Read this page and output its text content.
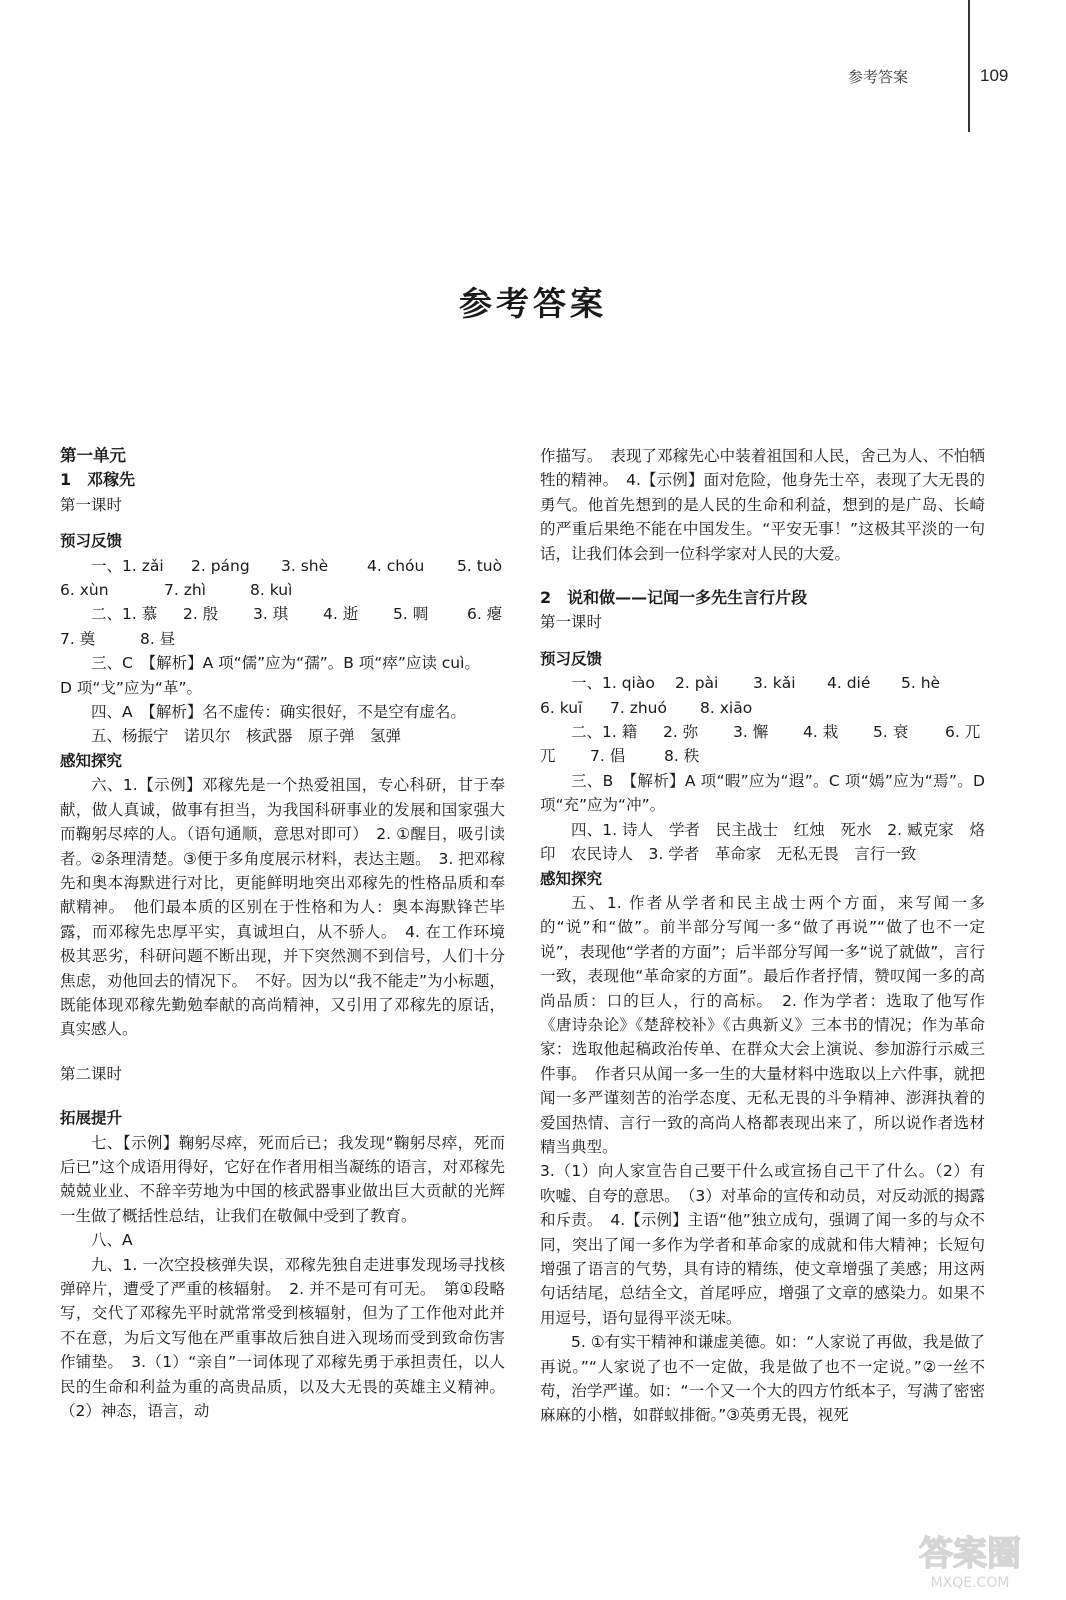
参考答案	109
参考答案

第一单元

1　邓稼先

第一课时

预习反馈

一、1. zǎi	2. páng	3. shè	4. chóu	5. tuò
6. xùn	7. zhì	8. kuì
二、1. 慕	2. 殷	3. 琪	4. 逝	5. 啁	6. 瘪
7. 奠	8. 昼

三、C　【解析】A 项“儒”应为“孺”。B 项“瘁”应读 cuì。

D 项“戈”应为“革”。

四、A　【解析】名不虚传：确实很好，不是空有虚名。

五、杨振宁　诺贝尔　核武器　原子弹　氢弹

感知探究

六、1.【示例】邓稼先是一个热爱祖国，专心科研，甘于奉献，做人真诚，做事有担当，为我国科研事业的发展和国家强大而鞠躬尽瘁的人。（语句通顺，意思对即可）　2. ①醒目，吸引读者。②条理清楚。③便于多角度展示材料，表达主题。　3. 把邓稼先和奥本海默进行对比，更能鲜明地突出邓稼先的性格品质和奉献精神。　他们最本质的区别在于性格和为人：奥本海默锋芒毕露，而邓稼先忠厚平实，真诚坦白，从不骄人。　4. 在工作环境极其恶劣，科研问题不断出现，并下突然测不到信号，人们十分焦虑，劝他回去的情况下。　不好。因为以“我不能走”为小标题，既能体现邓稼先勤勉奉献的高尚精神，又引用了邓稼先的原话，真实感人。

第二课时

拓展提升

七、【示例】鞠躬尽瘁，死而后已；我发现“鞠躬尽瘁，死而后已”这个成语用得好，它好在作者用相当凝练的语言，对邓稼先兢兢业业、不辞辛劳地为中国的核武器事业做出巨大贡献的光辉一生做了概括性总结，让我们在敬佩中受到了教育。

八、A

九、1. 一次空投核弹失误，邓稼先独自走进事发现场寻找核弹碎片，遭受了严重的核辐射。　2. 并不是可有可无。　第①段略写，交代了邓稼先平时就常常受到核辐射，但为了工作他对此并不在意，为后文写他在严重事故后独自进入现场而受到致命伤害作铺垫。　3.（1）“亲自”一词体现了邓稼先勇于承担责任，以人民的生命和利益为重的高贵品质，以及大无畏的英雄主义精神。（2）神态，语言，动

作描写。　表现了邓稼先心中装着祖国和人民，舍己为人、不怕牺牲的精神。　4.【示例】面对危险，他身先士卒，表现了大无畏的勇气。他首先想到的是人民的生命和利益，想到的是广岛、长崎的严重后果绝不能在中国发生。“平安无事！”这极其平淡的一句话，让我们体会到一位科学家对人民的大爱。

2　说和做——记闻一多先生言行片段

第一课时

预习反馈

一、1. qiào	2. pài	3. kǎi	4. dié	5. hè
6. kuī	7. zhuó	8. xiāo
二、1. 籍	2. 弥	3. 懈	4. 栽	5. 衰	6. 兀
兀	7. 倡	8. 秩

三、B　【解析】A 项“暇”应为“遐”。C 项“嫣”应为“焉”。D 项“充”应为“冲”。

四、1. 诗人　学者　民主战士　红烛　死水　2. 臧克家　烙印　农民诗人　3. 学者　革命家　无私无畏　言行一致

感知探究

五、1. 作者从学者和民主战士两个方面，来写闻一多的“说”和“做”。前半部分写闻一多“做了再说”“做了也不一定说”，表现他“学者的方面”；后半部分写闻一多“说了就做”，言行一致，表现他“革命家的方面”。最后作者抒情，赞叹闻一多的高尚品质：口的巨人，行的高标。　2. 作为学者：选取了他写作《唐诗杂论》《楚辞校补》《古典新义》三本书的情况；作为革命家：选取他起稿政治传单、在群众大会上演说、参加游行示威三件事。　作者只从闻一多一生的大量材料中选取以上六件事，就把闻一多严谨刻苦的治学态度、无私无畏的斗争精神、澎湃执着的爱国热情、言行一致的高尚人格都表现出来了，所以说作者选材精当典型。

3.（1）向人家宣告自己要干什么或宣扬自己干了什么。（2）有吹嘘、自夸的意思。　（3）对革命的宣传和动员，对反动派的揭露和斥责。　4.【示例】主语“他”独立成句，强调了闻一多的与众不同，突出了闻一多作为学者和革命家的成就和伟大精神；长短句增强了语言的气势，具有诗的精练，使文章增强了美感；用这两句话结尾，总结全文，首尾呼应，增强了文章的感染力。如果不用逗号，语句显得平淡无味。

5. ①有实干精神和谦虚美德。如：“人家说了再做，我是做了再说。”“人家说了也不一定做，我是做了也不一定说。”②一丝不苟，治学严谨。如：“一个又一个大的四方竹纸本子，写满了密密麻麻的小楷，如群蚁排衙。”③英勇无畏，视死

答案圈
MXQE.COM
